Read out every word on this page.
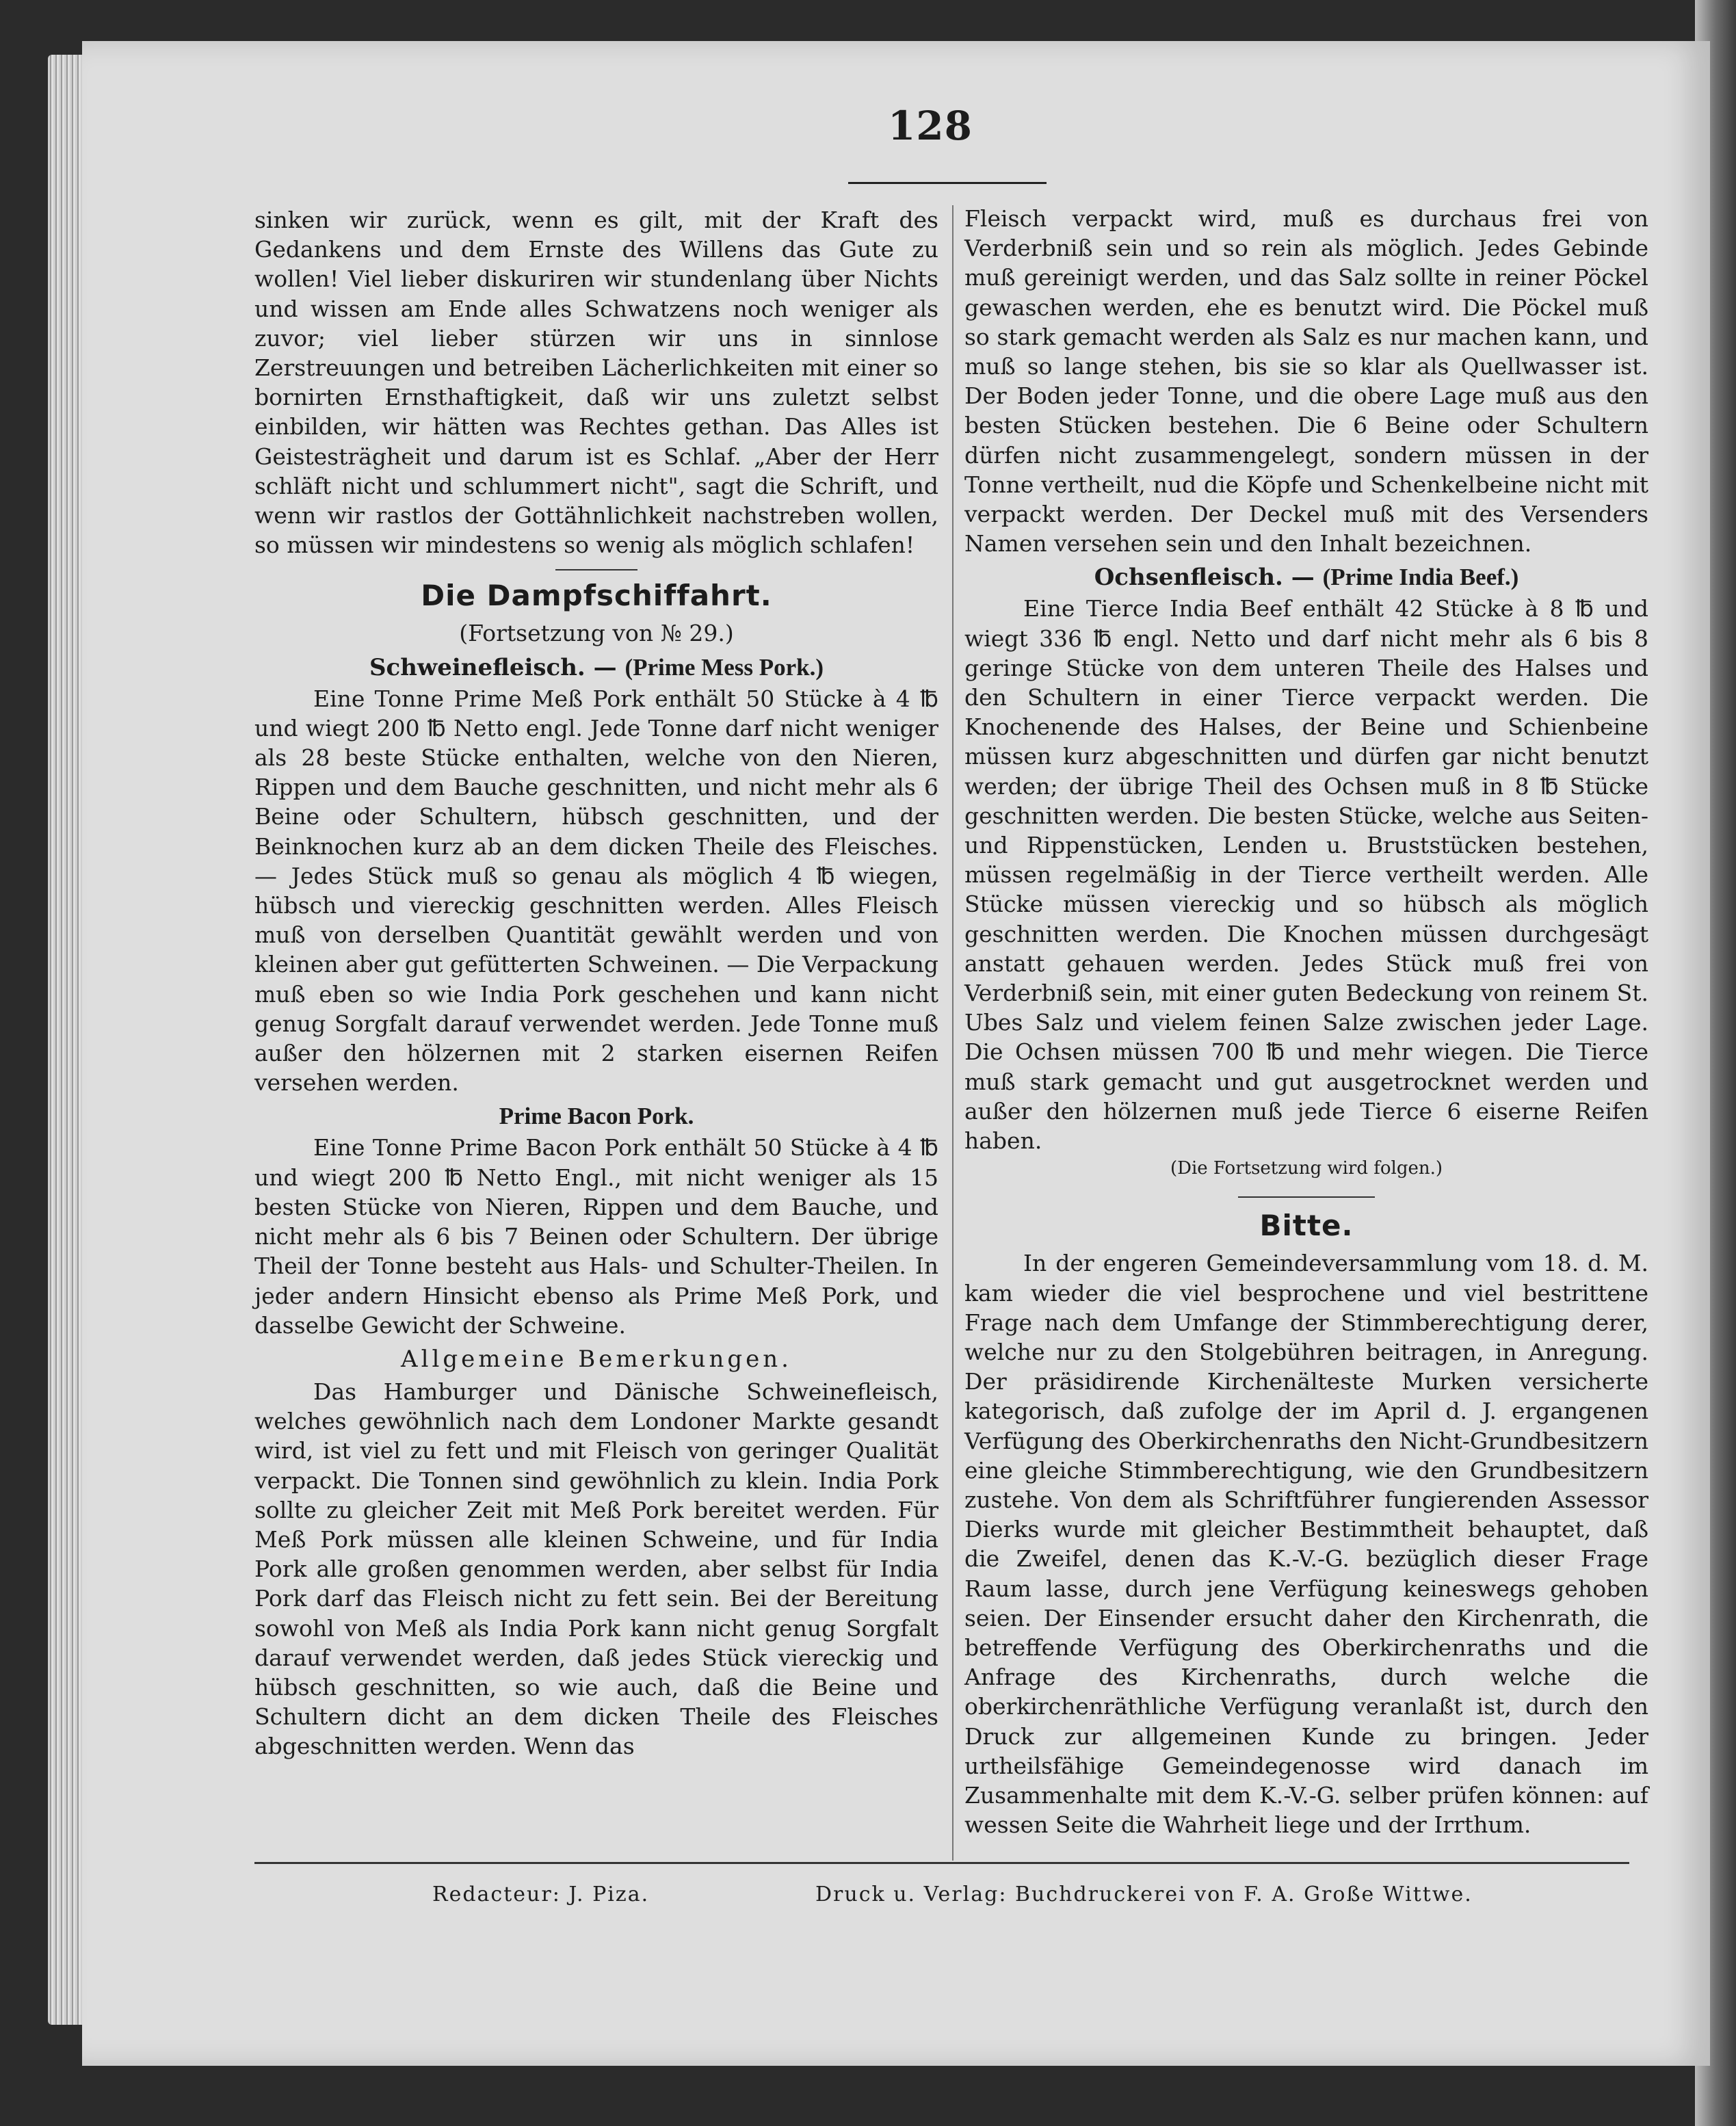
128

sinken wir zurück, wenn es gilt, mit der Kraft des Gedankens und dem Ernste des Willens das Gute zu wollen! Viel lieber diskuriren wir stundenlang über Nichts und wissen am Ende alles Schwatzens noch weniger als zuvor; viel lieber stürzen wir uns in sinnlose Zerstreuungen und betreiben Lächerlichkeiten mit einer so bornirten Ernsthaftigkeit, daß wir uns zuletzt selbst einbilden, wir hätten was Rechtes gethan. Das Alles ist Geistesträgheit und darum ist es Schlaf. „Aber der Herr schläft nicht und schlummert nicht", sagt die Schrift, und wenn wir rastlos der Gottähnlichkeit nachstreben wollen, so müssen wir mindestens so wenig als möglich schlafen!

Die Dampfschiffahrt.

(Fortsetzung von № 29.)

Schweinefleisch. — (Prime Mess Pork.)

Eine Tonne Prime Meß Pork enthält 50 Stücke à 4 ℔ und wiegt 200 ℔ Netto engl. Jede Tonne darf nicht weniger als 28 beste Stücke enthalten, welche von den Nieren, Rippen und dem Bauche geschnitten, und nicht mehr als 6 Beine oder Schultern, hübsch geschnitten, und der Beinknochen kurz ab an dem dicken Theile des Fleisches. — Jedes Stück muß so genau als möglich 4 ℔ wiegen, hübsch und viereckig geschnitten werden. Alles Fleisch muß von derselben Quantität gewählt werden und von kleinen aber gut gefütterten Schweinen. — Die Verpackung muß eben so wie India Pork geschehen und kann nicht genug Sorgfalt darauf verwendet werden. Jede Tonne muß außer den hölzernen mit 2 starken eisernen Reifen versehen werden.

Prime Bacon Pork.

Eine Tonne Prime Bacon Pork enthält 50 Stücke à 4 ℔ und wiegt 200 ℔ Netto Engl., mit nicht weniger als 15 besten Stücke von Nieren, Rippen und dem Bauche, und nicht mehr als 6 bis 7 Beinen oder Schultern. Der übrige Theil der Tonne besteht aus Hals- und Schulter-Theilen. In jeder andern Hinsicht ebenso als Prime Meß Pork, und dasselbe Gewicht der Schweine.

Allgemeine Bemerkungen.

Das Hamburger und Dänische Schweinefleisch, welches gewöhnlich nach dem Londoner Markte gesandt wird, ist viel zu fett und mit Fleisch von geringer Qualität verpackt. Die Tonnen sind gewöhnlich zu klein. India Pork sollte zu gleicher Zeit mit Meß Pork bereitet werden. Für Meß Pork müssen alle kleinen Schweine, und für India Pork alle großen genommen werden, aber selbst für India Pork darf das Fleisch nicht zu fett sein. Bei der Bereitung sowohl von Meß als India Pork kann nicht genug Sorgfalt darauf verwendet werden, daß jedes Stück viereckig und hübsch geschnitten, so wie auch, daß die Beine und Schultern dicht an dem dicken Theile des Fleisches abgeschnitten werden. Wenn das

Fleisch verpackt wird, muß es durchaus frei von Verderbniß sein und so rein als möglich. Jedes Gebinde muß gereinigt werden, und das Salz sollte in reiner Pöckel gewaschen werden, ehe es benutzt wird. Die Pöckel muß so stark gemacht werden als Salz es nur machen kann, und muß so lange stehen, bis sie so klar als Quellwasser ist. Der Boden jeder Tonne, und die obere Lage muß aus den besten Stücken bestehen. Die 6 Beine oder Schultern dürfen nicht zusammengelegt, sondern müssen in der Tonne vertheilt, nud die Köpfe und Schenkelbeine nicht mit verpackt werden. Der Deckel muß mit des Versenders Namen versehen sein und den Inhalt bezeichnen.

Ochsenfleisch. — (Prime India Beef.)

Eine Tierce India Beef enthält 42 Stücke à 8 ℔ und wiegt 336 ℔ engl. Netto und darf nicht mehr als 6 bis 8 geringe Stücke von dem unteren Theile des Halses und den Schultern in einer Tierce verpackt werden. Die Knochenende des Halses, der Beine und Schienbeine müssen kurz abgeschnitten und dürfen gar nicht benutzt werden; der übrige Theil des Ochsen muß in 8 ℔ Stücke geschnitten werden. Die besten Stücke, welche aus Seiten- und Rippenstücken, Lenden u. Bruststücken bestehen, müssen regelmäßig in der Tierce vertheilt werden. Alle Stücke müssen viereckig und so hübsch als möglich geschnitten werden. Die Knochen müssen durchgesägt anstatt gehauen werden. Jedes Stück muß frei von Verderbniß sein, mit einer guten Bedeckung von reinem St. Ubes Salz und vielem feinen Salze zwischen jeder Lage. Die Ochsen müssen 700 ℔ und mehr wiegen. Die Tierce muß stark gemacht und gut ausgetrocknet werden und außer den hölzernen muß jede Tierce 6 eiserne Reifen haben.

(Die Fortsetzung wird folgen.)

Bitte.

In der engeren Gemeindeversammlung vom 18. d. M. kam wieder die viel besprochene und viel bestrittene Frage nach dem Umfange der Stimmberechtigung derer, welche nur zu den Stolgebühren beitragen, in Anregung. Der präsidirende Kirchenälteste Murken versicherte kategorisch, daß zufolge der im April d. J. ergangenen Verfügung des Oberkirchenraths den Nicht-Grundbesitzern eine gleiche Stimmberechtigung, wie den Grundbesitzern zustehe. Von dem als Schriftführer fungierenden Assessor Dierks wurde mit gleicher Bestimmtheit behauptet, daß die Zweifel, denen das K.-V.-G. bezüglich dieser Frage Raum lasse, durch jene Verfügung keineswegs gehoben seien. Der Einsender ersucht daher den Kirchenrath, die betreffende Verfügung des Oberkirchenraths und die Anfrage des Kirchenraths, durch welche die oberkirchenräthliche Verfügung veranlaßt ist, durch den Druck zur allgemeinen Kunde zu bringen. Jeder urtheilsfähige Gemeindegenosse wird danach im Zusammenhalte mit dem K.-V.-G. selber prüfen können: auf wessen Seite die Wahrheit liege und der Irrthum.

Redacteur: J. Piza.	Druck u. Verlag: Buchdruckerei von F. A. Große Wittwe.
